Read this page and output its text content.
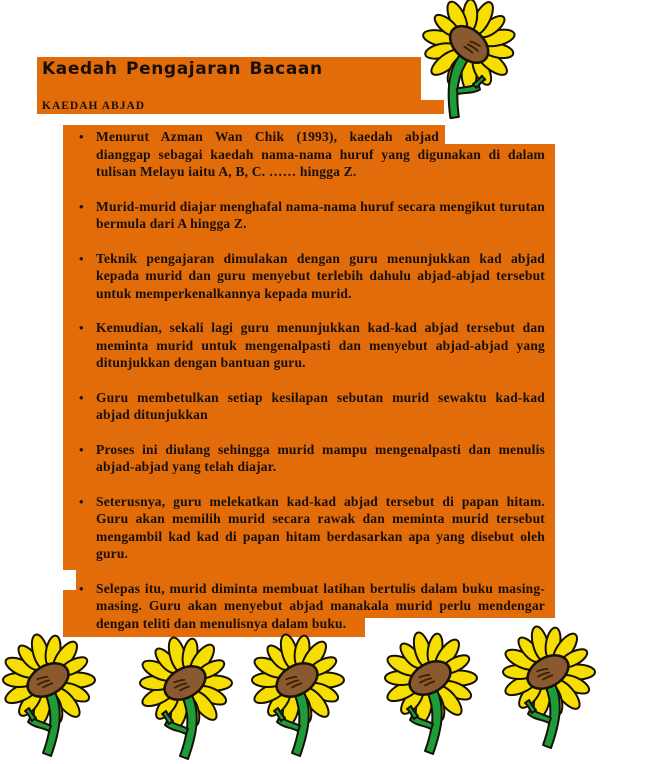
Kaedah Pengajaran Bacaan
KAEDAH ABJAD
• Menurut Azman Wan Chik (1993), kaedah abjad dianggap sebagai kaedah nama-nama huruf yang digunakan di dalam tulisan Melayu iaitu A, B, C. …… hingga Z.
• Murid-murid diajar menghafal nama-nama huruf secara mengikut turutan bermula dari A hingga Z.
• Teknik pengajaran dimulakan dengan guru menunjukkan kad abjad kepada murid dan guru menyebut terlebih dahulu abjad-abjad tersebut untuk memperkenalkannya kepada murid.
• Kemudian, sekali lagi guru menunjukkan kad-kad abjad tersebut dan meminta murid untuk mengenalpasti dan menyebut abjad-abjad yang ditunjukkan dengan bantuan guru.
• Guru membetulkan setiap kesilapan sebutan murid sewaktu kad-kad abjad ditunjukkan
• Proses ini diulang sehingga murid mampu mengenalpasti dan menulis abjad-abjad yang telah diajar.
• Seterusnya, guru melekatkan kad-kad abjad tersebut di papan hitam. Guru akan memilih murid secara rawak dan meminta murid tersebut mengambil kad kad di papan hitam berdasarkan apa yang disebut oleh guru.
• Selepas itu, murid diminta membuat latihan bertulis dalam buku masing-masing. Guru akan menyebut abjad manakala murid perlu mendengar dengan teliti dan menulisnya dalam buku.
